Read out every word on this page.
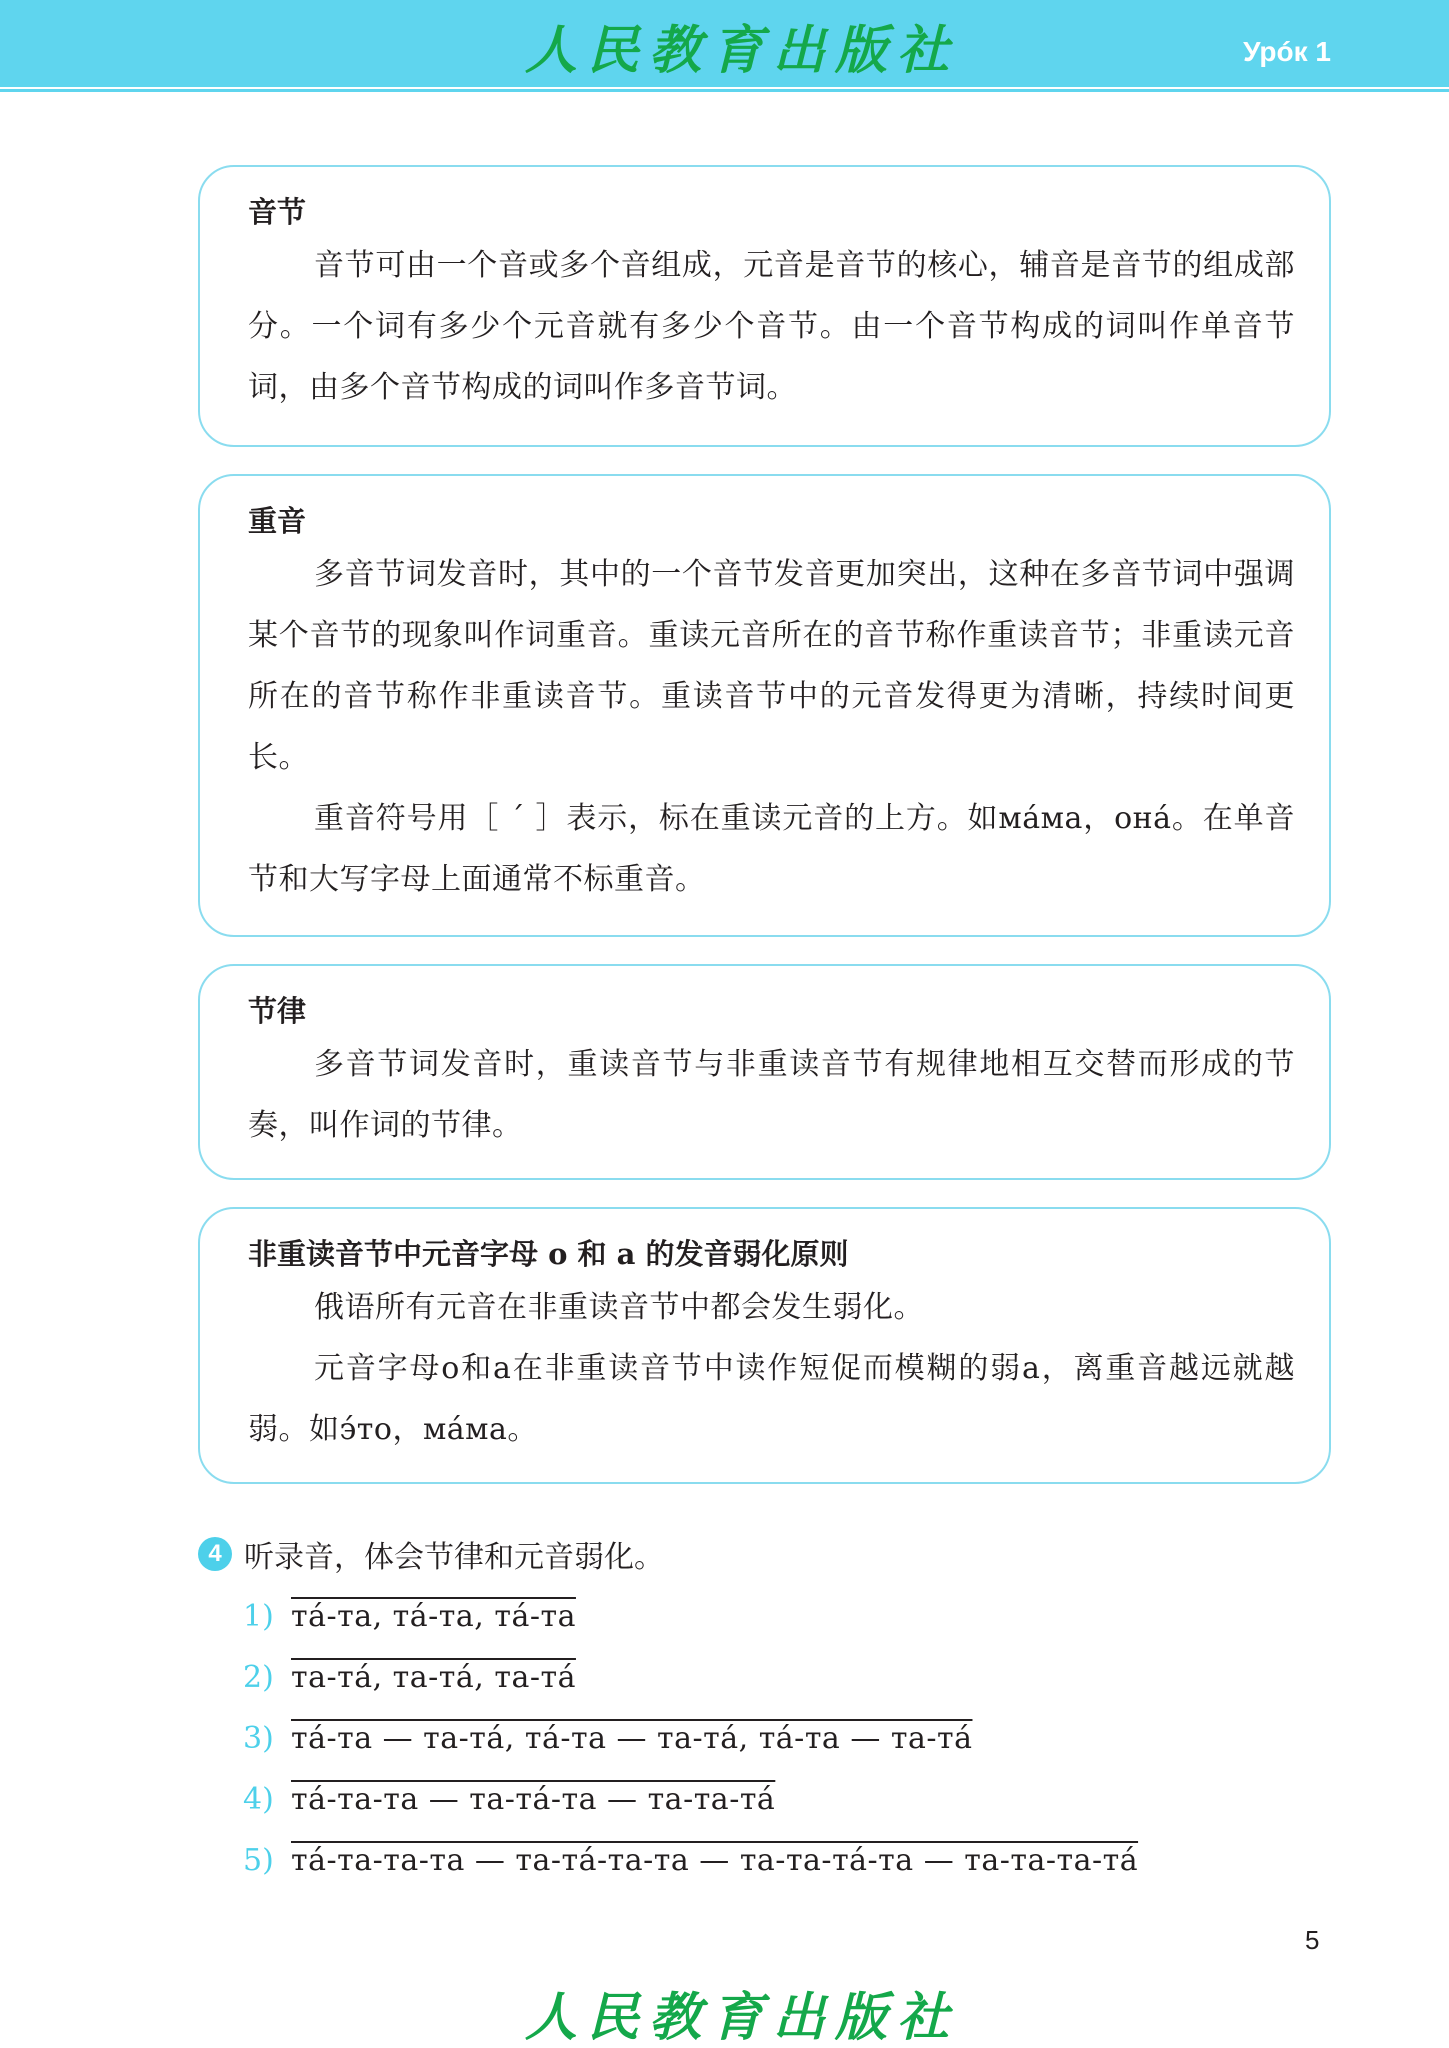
人民教育出版社	Урóк 1
音节

音节可由一个音或多个音组成，元音是音节的核心，辅音是音节的组成部分。一个词有多少个元音就有多少个音节。由一个音节构成的词叫作单音节词，由多个音节构成的词叫作多音节词。

重音

多音节词发音时，其中的一个音节发音更加突出，这种在多音节词中强调某个音节的现象叫作词重音。重读元音所在的音节称作重读音节；非重读元音所在的音节称作非重读音节。重读音节中的元音发得更为清晰，持续时间更长。

重音符号用［ ´ ］表示，标在重读元音的上方。如мáма，онá。在单音节和大写字母上面通常不标重音。

节律

多音节词发音时，重读音节与非重读音节有规律地相互交替而形成的节奏，叫作词的节律。

非重读音节中元音字母 o 和 a 的发音弱化原则

俄语所有元音在非重读音节中都会发生弱化。

元音字母o和a在非重读音节中读作短促而模糊的弱a，离重音越远就越弱。如э́то，мáма。

4 听录音，体会节律和元音弱化。
1) тá-та, тá-та, тá-та
2) та-тá, та-тá, та-тá
3) тá-та — та-тá, тá-та — та-тá, тá-та — та-тá
4) тá-та-та — та-тá-та — та-та-тá
5) тá-та-та-та — та-тá-та-та — та-та-тá-та — та-та-та-тá
5
人民教育出版社
